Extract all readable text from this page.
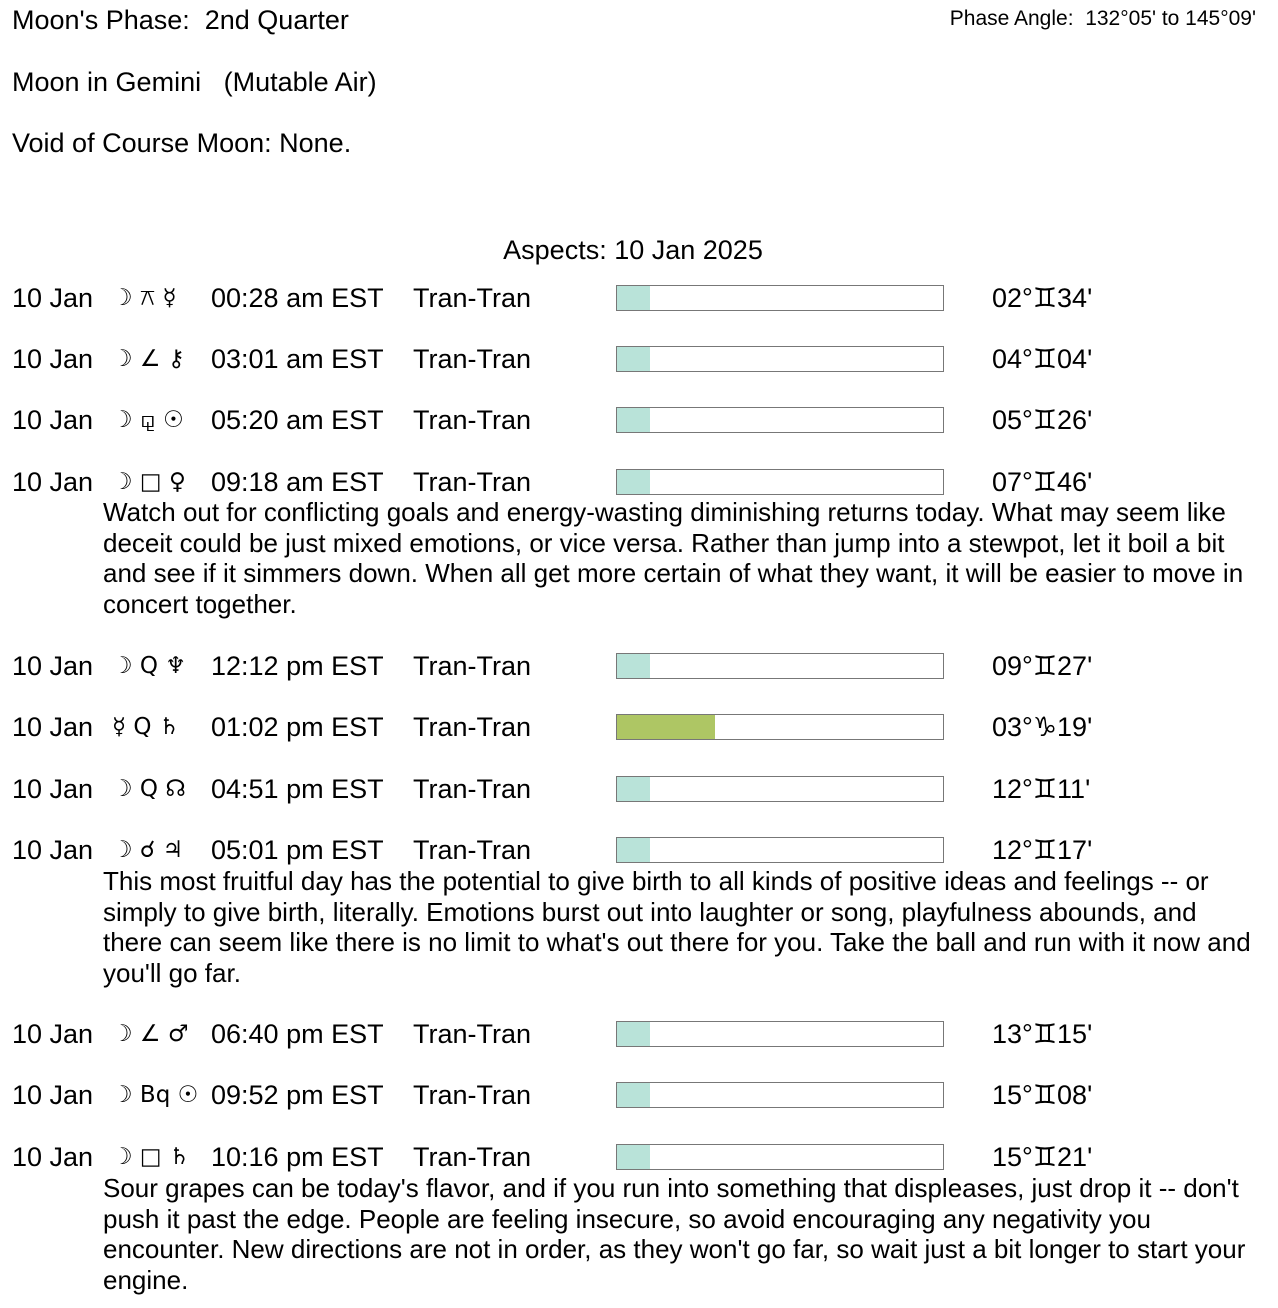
Moon's Phase:  2nd Quarter	Phase Angle:  132°05' to 145°09'
Moon in Gemini   (Mutable Air)
Void of Course Moon: None.
Aspects: 10 Jan 2025
10 Jan ☽ ⚻ ☿	00:28 am EST Tran-Tran	02°♊34'
10 Jan ☽ ∠ ⚷ 03:01 am EST Tran-Tran	04°♊04'
10 Jan ☽ ⚼ ☉	05:20 am EST Tran-Tran	05°♊26'
10 Jan ☽ □ ♀ 09:18 am EST Tran-Tran	07°♊46'
Watch out for conflicting goals and energy-wasting diminishing returns today. What may seem like deceit could be just mixed emotions, or vice versa. Rather than jump into a stewpot, let it boil a bit and see if it simmers down. When all get more certain of what they want, it will be easier to move in concert together.
10 Jan ☽ Q ♆ 12:12 pm EST Tran-Tran	09°♊27'
10 Jan ☿ Q ♄	01:02 pm EST Tran-Tran	03°♑19'
10 Jan ☽ Q ☊ 04:51 pm EST Tran-Tran	12°♊11'
10 Jan ☽ ☌ ♃	05:01 pm EST Tran-Tran	12°♊17'
This most fruitful day has the potential to give birth to all kinds of positive ideas and feelings -- or simply to give birth, literally. Emotions burst out into laughter or song, playfulness abounds, and there can seem like there is no limit to what's out there for you. Take the ball and run with it now and you'll go far.
10 Jan ☽ ∠ ♂ 06:40 pm EST Tran-Tran	13°♊15'
10 Jan ☽ Bq ☉ 09:52 pm EST Tran-Tran	15°♊08'
10 Jan ☽ □ ♄ 10:16 pm EST Tran-Tran	15°♊21'
Sour grapes can be today's flavor, and if you run into something that displeases, just drop it -- don't push it past the edge. People are feeling insecure, so avoid encouraging any negativity you encounter. New directions are not in order, as they won't go far, so wait just a bit longer to start your engine.
